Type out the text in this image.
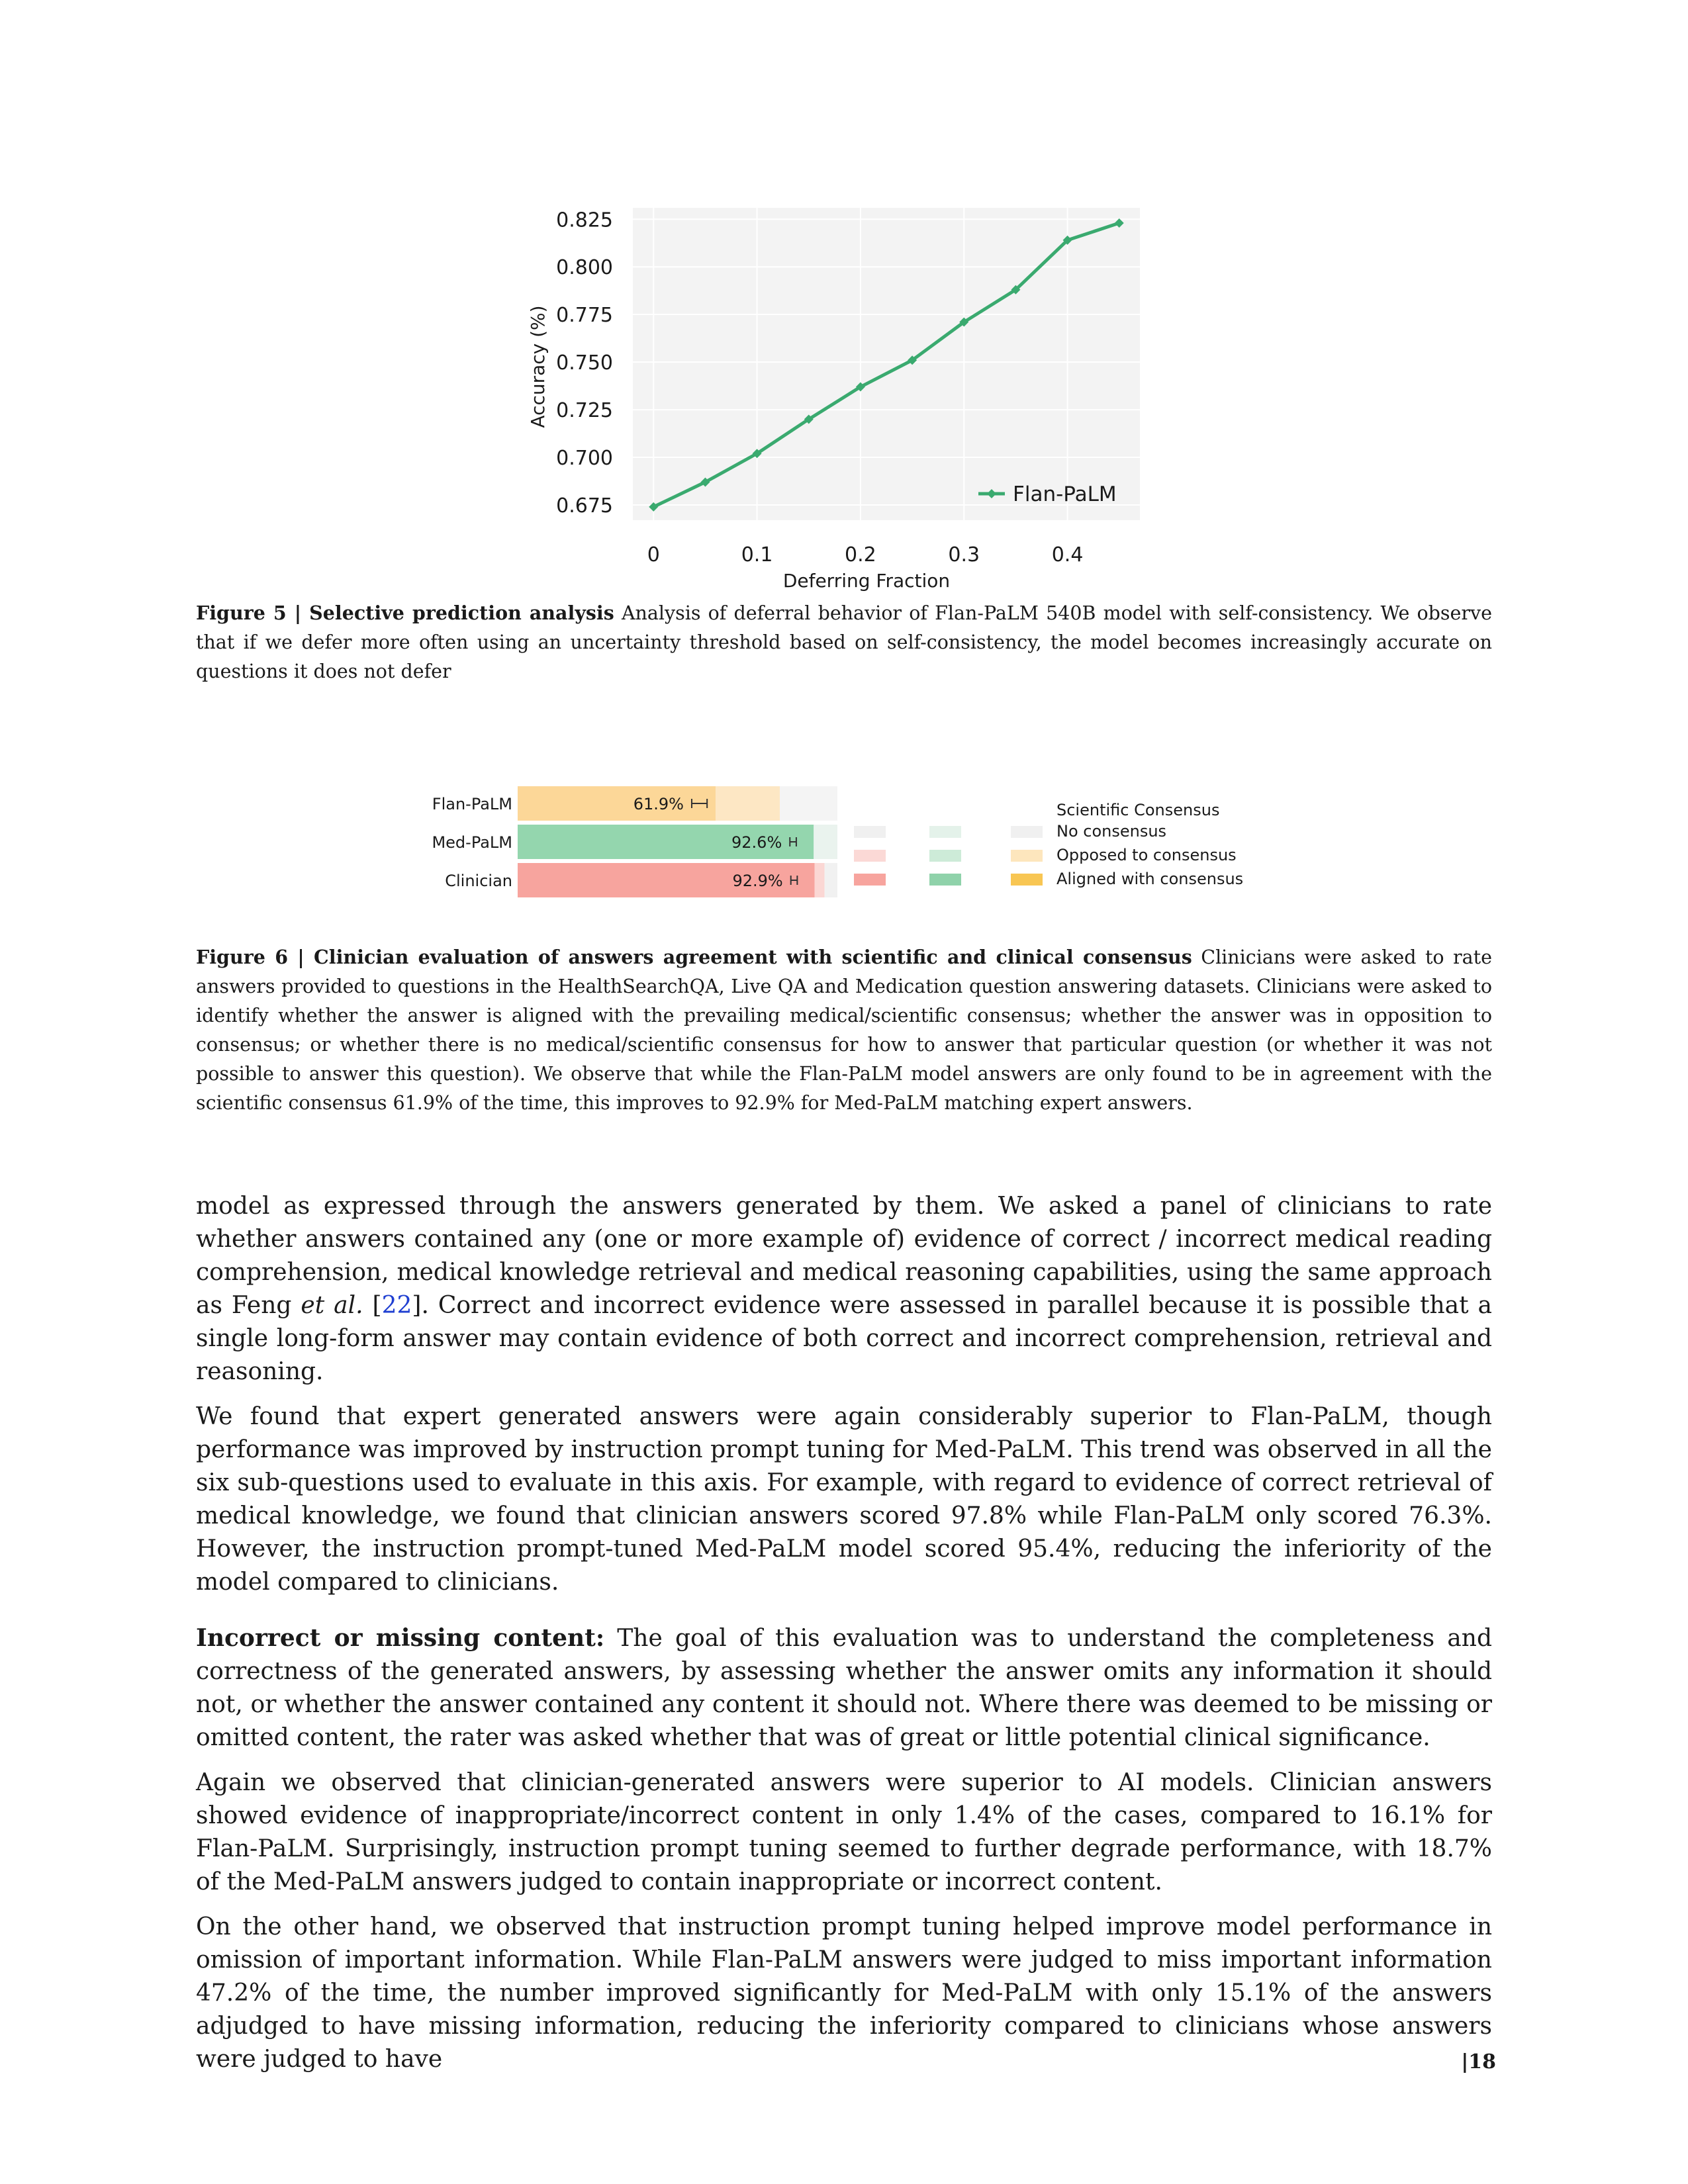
0.675
0.700
0.725
0.750
0.775
0.800
0.825
0	0.1	0.2	0.3	0.4
Deferring Fraction
Accuracy (%)
Flan-PaLM
Figure 5 | Selective prediction analysis Analysis of deferral behavior of Flan-PaLM 540B model with self-consistency. We observe that if we defer more often using an uncertainty threshold based on self-consistency, the model becomes increasingly accurate on questions it does not defer
Flan-PaLM	61.9%
Med-PaLM	92.6%
Clinician	92.9%
Scientific Consensus
No consensus
Opposed to consensus
Aligned with consensus
Figure 6 | Clinician evaluation of answers agreement with scientific and clinical consensus Clinicians were asked to rate answers provided to questions in the HealthSearchQA, Live QA and Medication question answering datasets. Clinicians were asked to identify whether the answer is aligned with the prevailing medical/scientific consensus; whether the answer was in opposition to consensus; or whether there is no medical/scientific consensus for how to answer that particular question (or whether it was not possible to answer this question). We observe that while the Flan-PaLM model answers are only found to be in agreement with the scientific consensus 61.9% of the time, this improves to 92.9% for Med-PaLM matching expert answers.

model as expressed through the answers generated by them. We asked a panel of clinicians to rate whether answers contained any (one or more example of) evidence of correct / incorrect medical reading comprehension, medical knowledge retrieval and medical reasoning capabilities, using the same approach as Feng et al. [22]. Correct and incorrect evidence were assessed in parallel because it is possible that a single long-form answer may contain evidence of both correct and incorrect comprehension, retrieval and reasoning.

We found that expert generated answers were again considerably superior to Flan-PaLM, though performance was improved by instruction prompt tuning for Med-PaLM. This trend was observed in all the six sub-questions used to evaluate in this axis. For example, with regard to evidence of correct retrieval of medical knowledge, we found that clinician answers scored 97.8% while Flan-PaLM only scored 76.3%. However, the instruction prompt-tuned Med-PaLM model scored 95.4%, reducing the inferiority of the model compared to clinicians.

Incorrect or missing content: The goal of this evaluation was to understand the completeness and correctness of the generated answers, by assessing whether the answer omits any information it should not, or whether the answer contained any content it should not. Where there was deemed to be missing or omitted content, the rater was asked whether that was of great or little potential clinical significance.

Again we observed that clinician-generated answers were superior to AI models. Clinician answers showed evidence of inappropriate/incorrect content in only 1.4% of the cases, compared to 16.1% for Flan-PaLM. Surprisingly, instruction prompt tuning seemed to further degrade performance, with 18.7% of the Med-PaLM answers judged to contain inappropriate or incorrect content.

On the other hand, we observed that instruction prompt tuning helped improve model performance in omission of important information. While Flan-PaLM answers were judged to miss important information 47.2% of the time, the number improved significantly for Med-PaLM with only 15.1% of the answers adjudged to have missing information, reducing the inferiority compared to clinicians whose answers were judged to have	|18
